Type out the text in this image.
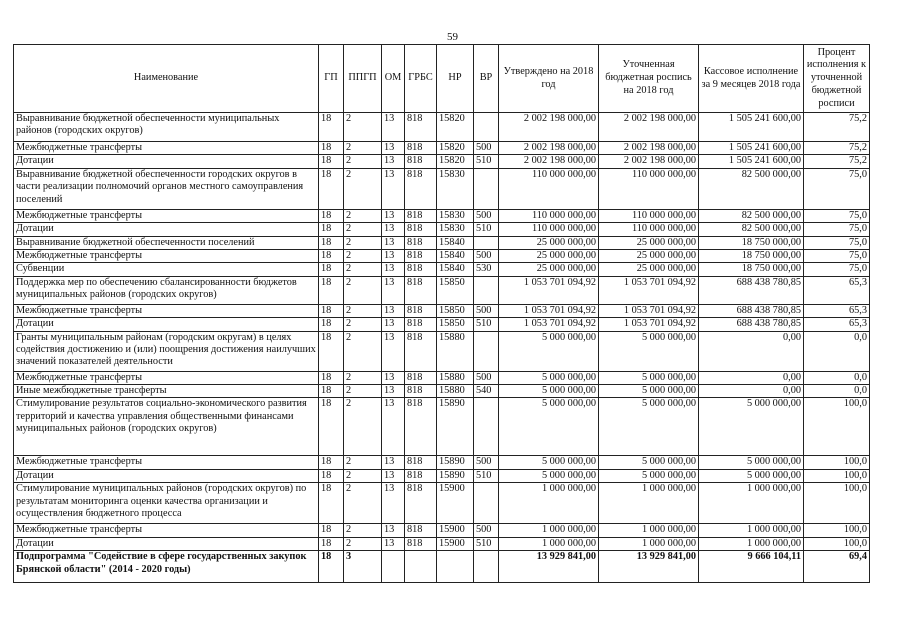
59
Наименование	ГП	ППГП	ОМ	ГРБС	НР	ВР	Утверждено на 2018 год	Уточненная бюджетная роспись на 2018 год	Кассовое исполнение за 9 месяцев 2018 года	Процент исполнения к уточненной бюджетной росписи
Выравнивание бюджетной обеспеченности муниципальных районов (городских округов)	18	2	13	818	15820		2 002 198 000,00	2 002 198 000,00	1 505 241 600,00	75,2
Межбюджетные трансферты	18	2	13	818	15820	500	2 002 198 000,00	2 002 198 000,00	1 505 241 600,00	75,2
Дотации	18	2	13	818	15820	510	2 002 198 000,00	2 002 198 000,00	1 505 241 600,00	75,2
Выравнивание бюджетной обеспеченности городских округов в части реализации полномочий органов местного самоуправления поселений	18	2	13	818	15830		110 000 000,00	110 000 000,00	82 500 000,00	75,0
Межбюджетные трансферты	18	2	13	818	15830	500	110 000 000,00	110 000 000,00	82 500 000,00	75,0
Дотации	18	2	13	818	15830	510	110 000 000,00	110 000 000,00	82 500 000,00	75,0
Выравнивание бюджетной обеспеченности поселений	18	2	13	818	15840		25 000 000,00	25 000 000,00	18 750 000,00	75,0
Межбюджетные трансферты	18	2	13	818	15840	500	25 000 000,00	25 000 000,00	18 750 000,00	75,0
Субвенции	18	2	13	818	15840	530	25 000 000,00	25 000 000,00	18 750 000,00	75,0
Поддержка мер по обеспечению сбалансированности бюджетов муниципальных районов (городских округов)	18	2	13	818	15850		1 053 701 094,92	1 053 701 094,92	688 438 780,85	65,3
Межбюджетные трансферты	18	2	13	818	15850	500	1 053 701 094,92	1 053 701 094,92	688 438 780,85	65,3
Дотации	18	2	13	818	15850	510	1 053 701 094,92	1 053 701 094,92	688 438 780,85	65,3
Гранты муниципальным районам (городским округам) в целях содействия достижению и (или) поощрения достижения наилучших значений показателей деятельности	18	2	13	818	15880		5 000 000,00	5 000 000,00	0,00	0,0
Межбюджетные трансферты	18	2	13	818	15880	500	5 000 000,00	5 000 000,00	0,00	0,0
Иные межбюджетные трансферты	18	2	13	818	15880	540	5 000 000,00	5 000 000,00	0,00	0,0
Стимулирование результатов социально-экономического развития территорий и качества управления общественными финансами муниципальных районов (городских округов)	18	2	13	818	15890		5 000 000,00	5 000 000,00	5 000 000,00	100,0
Межбюджетные трансферты	18	2	13	818	15890	500	5 000 000,00	5 000 000,00	5 000 000,00	100,0
Дотации	18	2	13	818	15890	510	5 000 000,00	5 000 000,00	5 000 000,00	100,0
Стимулирование муниципальных районов (городских округов) по результатам мониторинга оценки качества организации и осуществления бюджетного процесса	18	2	13	818	15900		1 000 000,00	1 000 000,00	1 000 000,00	100,0
Межбюджетные трансферты	18	2	13	818	15900	500	1 000 000,00	1 000 000,00	1 000 000,00	100,0
Дотации	18	2	13	818	15900	510	1 000 000,00	1 000 000,00	1 000 000,00	100,0
Подпрограмма "Содействие в сфере государственных закупок Брянской области" (2014 - 2020 годы)	18	3					13 929 841,00	13 929 841,00	9 666 104,11	69,4
